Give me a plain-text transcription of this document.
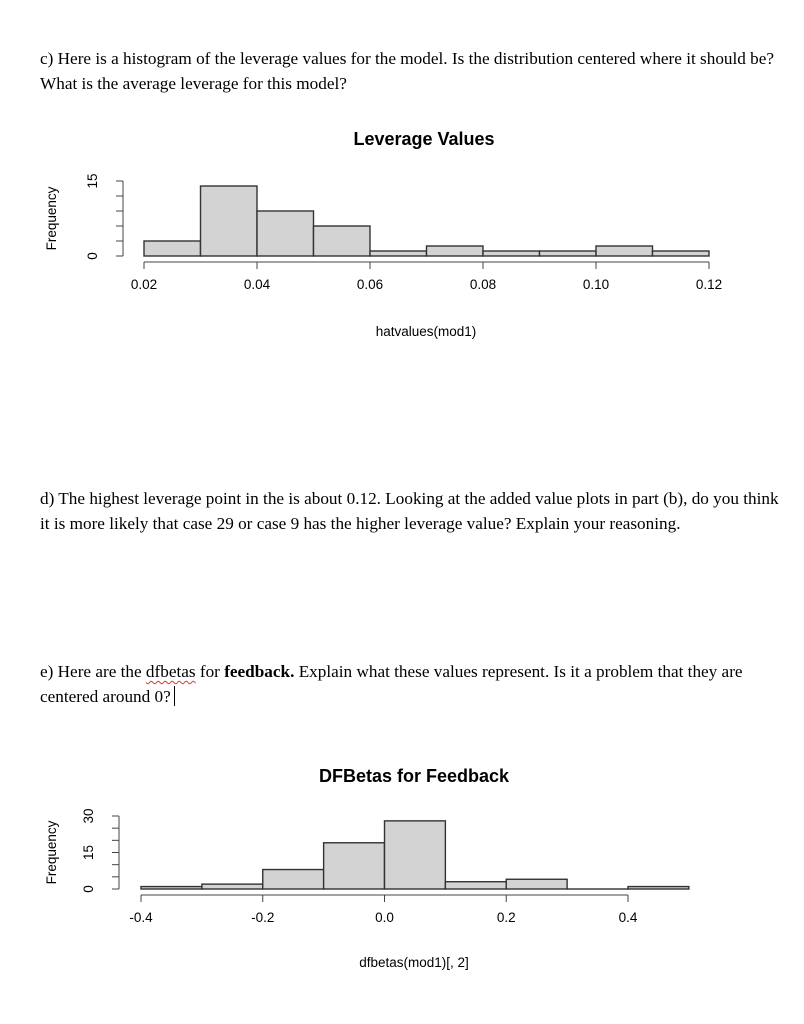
c) Here is a histogram of the leverage values for the model. Is the distribution centered where it should be? What is the average leverage for this model?
Leverage Values
0.02	0.04	0.06	0.08	0.10	0.12
hatvalues(mod1)
0
15
Frequency
d) The highest leverage point in the is about 0.12. Looking at the added value plots in part (b), do you think it is more likely that case 29 or case 9 has the higher leverage value? Explain your reasoning.
e) Here are the dfbetas for feedback. Explain what these values represent. Is it a problem that they are centered around 0?
DFBetas for Feedback
-0.4	-0.2	0.0	0.2	0.4
dfbetas(mod1)[, 2]
0
15
30
Frequency
